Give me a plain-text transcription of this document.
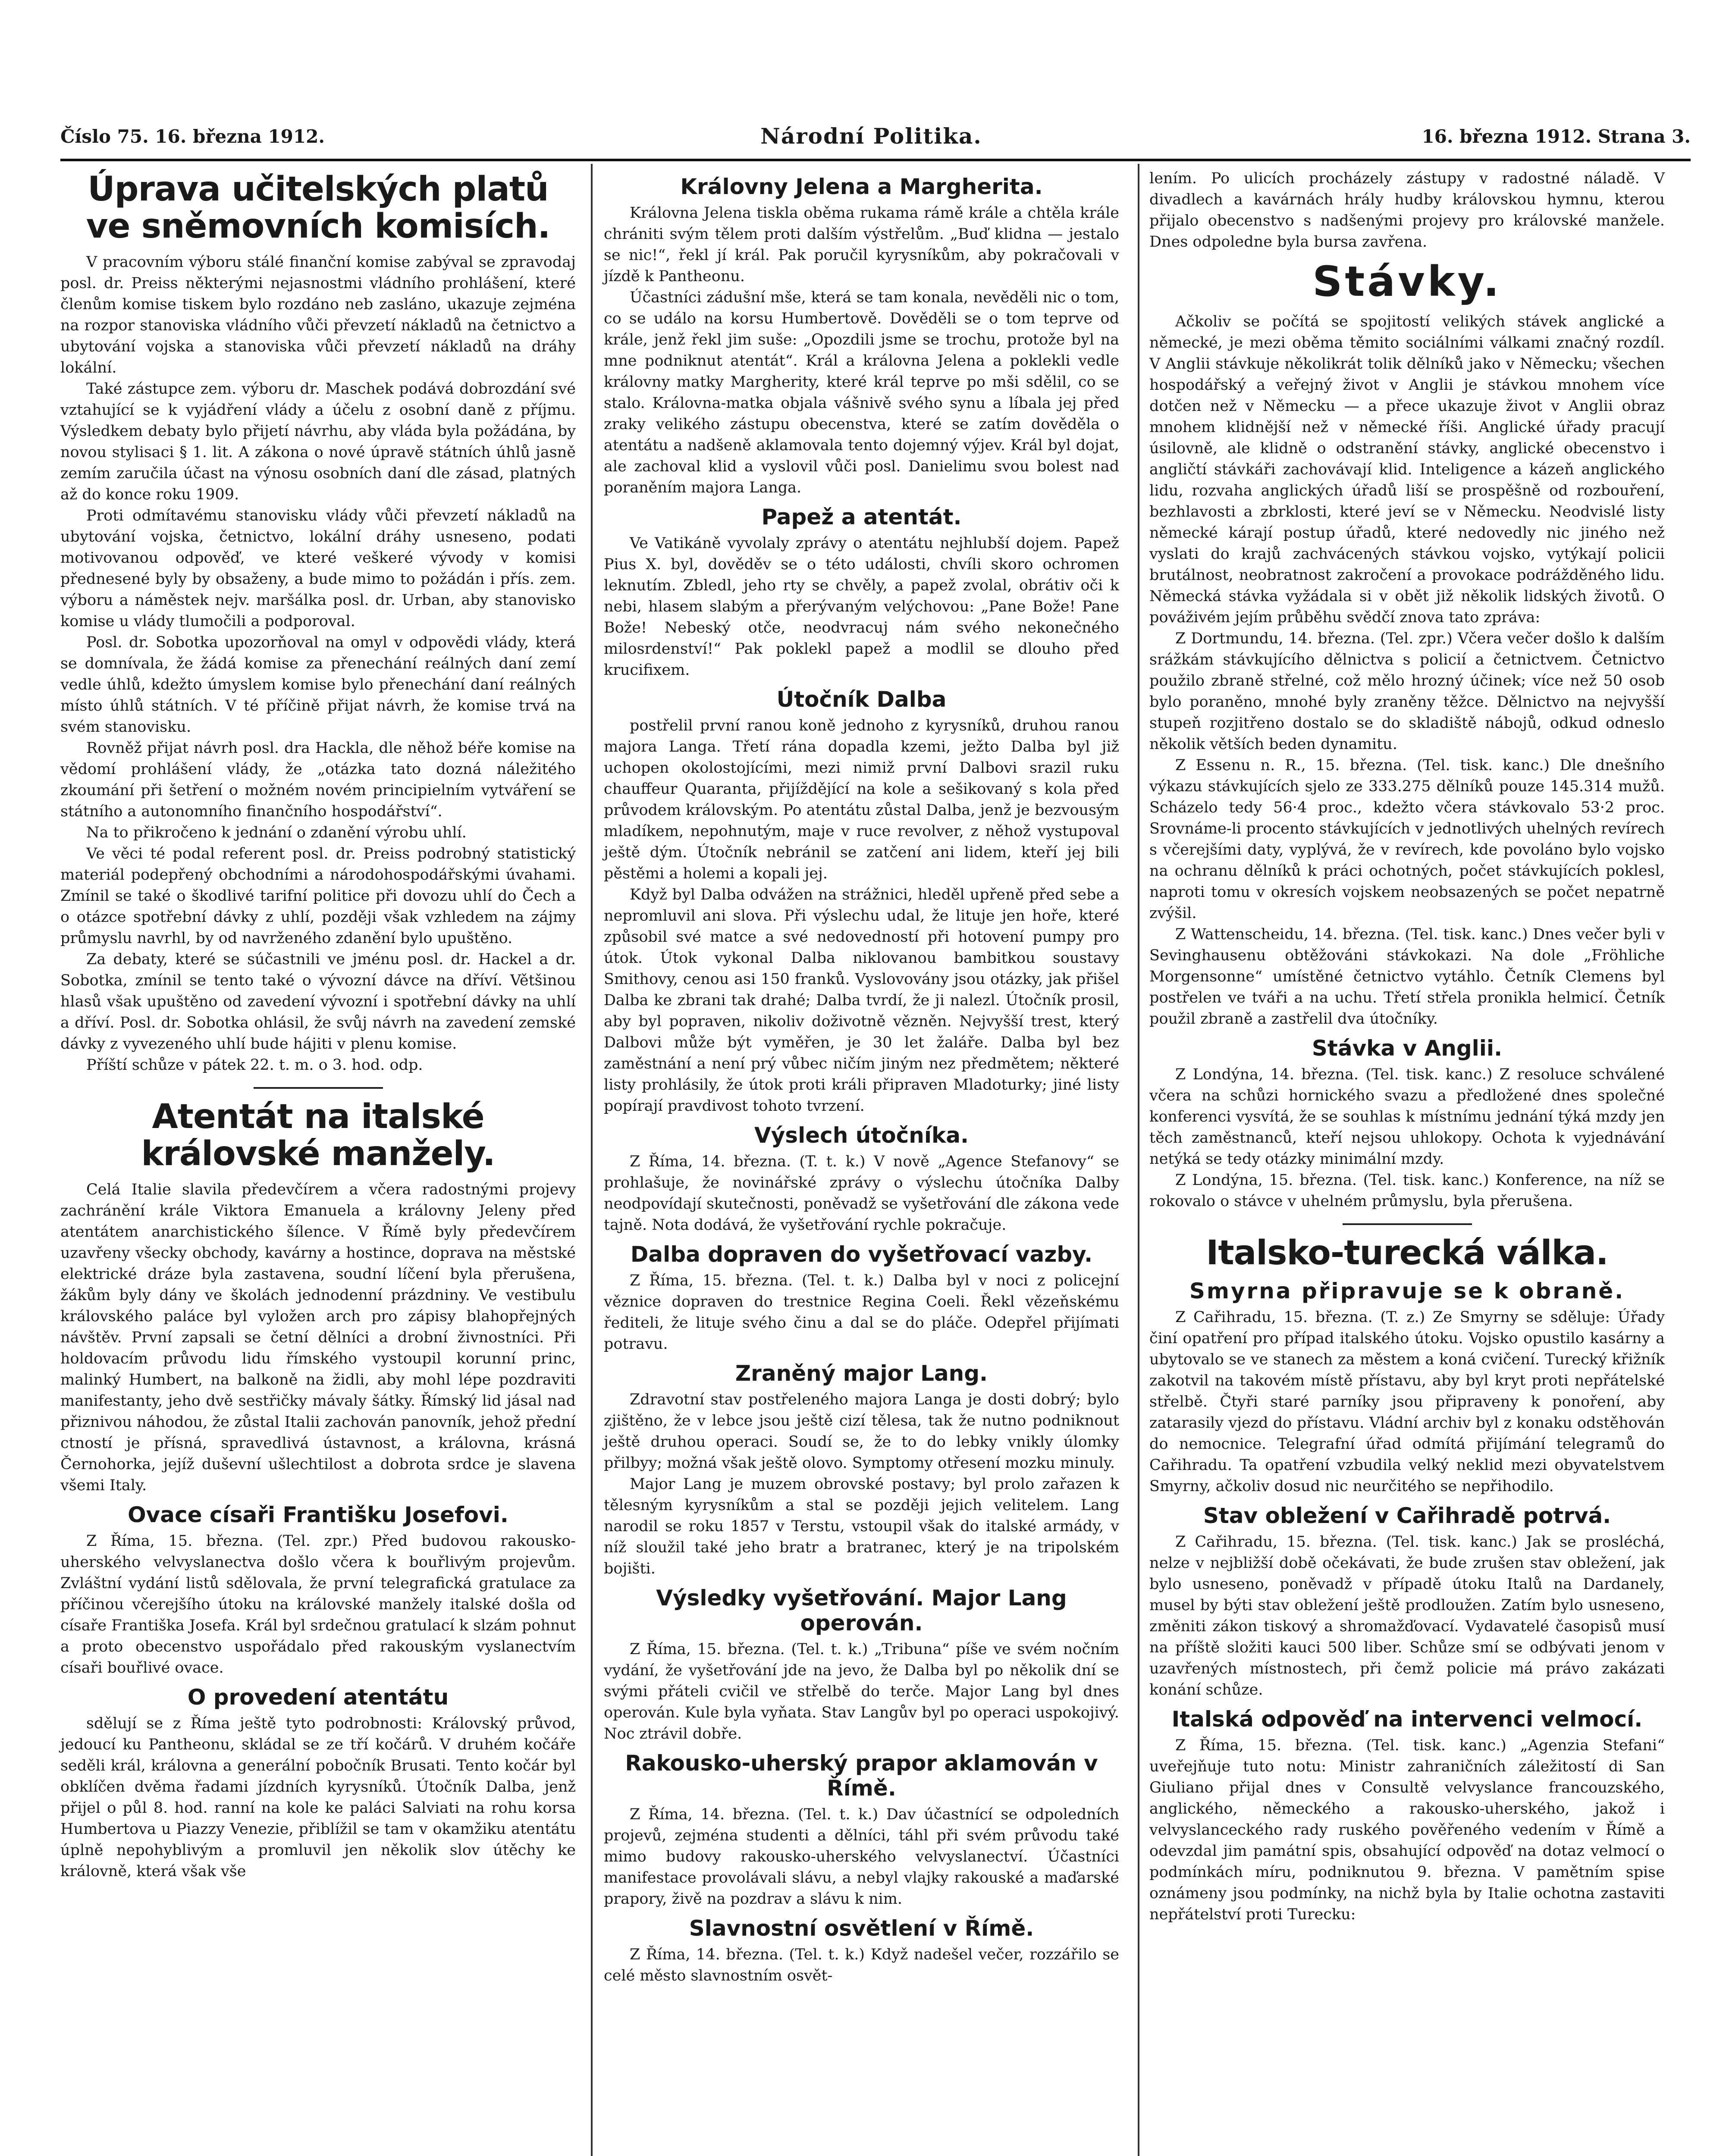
Číslo 75. 16. března 1912.	Národní Politika.	16. března 1912. Strana 3.
Úprava učitelských platů ve sněmovních komisích.

V pracovním výboru stálé finanční komise zabýval se zpravodaj posl. dr. Preiss některými nejasnostmi vládního prohlášení, které členům komise tiskem bylo rozdáno neb zasláno, ukazuje zejména na rozpor stanoviska vládního vůči převzetí nákladů na četnictvo a ubytování vojska a stanoviska vůči převzetí nákladů na dráhy lokální.

Také zástupce zem. výboru dr. Maschek podává dobrozdání své vztahující se k vyjádření vlády a účelu z osobní daně z příjmu. Výsledkem debaty bylo přijetí návrhu, aby vláda byla požádána, by novou stylisaci § 1. lit. A zákona o nové úpravě státních úhlů jasně zemím zaručila účast na výnosu osobních daní dle zásad, platných až do konce roku 1909.

Proti odmítavému stanovisku vlády vůči převzetí nákladů na ubytování vojska, četnictvo, lokální dráhy usneseno, podati motivovanou odpověď, ve které veškeré vývody v komisi přednesené byly by obsaženy, a bude mimo to požádán i přís. zem. výboru a náměstek nejv. maršálka posl. dr. Urban, aby stanovisko komise u vlády tlumočili a podporoval.

Posl. dr. Sobotka upozorňoval na omyl v odpovědi vlády, která se domnívala, že žádá komise za přenechání reálných daní zemí vedle úhlů, kdežto úmyslem komise bylo přenechání daní reálných místo úhlů státních. V té příčině přijat návrh, že komise trvá na svém stanovisku.

Rovněž přijat návrh posl. dra Hackla, dle něhož béře komise na vědomí prohlášení vlády, že „otázka tato dozná náležitého zkoumání při šetření o možném novém principielním vytváření se státního a autonomního finančního hospodářství“.

Na to přikročeno k jednání o zdanění výrobu uhlí.

Ve věci té podal referent posl. dr. Preiss podrobný statistický materiál podepřený obchodními a národohospodářskými úvahami. Zmínil se také o škodlivé tarifní politice při dovozu uhlí do Čech a o otázce spotřební dávky z uhlí, později však vzhledem na zájmy průmyslu navrhl, by od navrženého zdanění bylo upuštěno.

Za debaty, které se súčastnili ve jménu posl. dr. Hackel a dr. Sobotka, zmínil se tento také o vývozní dávce na dříví. Většinou hlasů však upuštěno od zavedení vývozní i spotřební dávky na uhlí a dříví. Posl. dr. Sobotka ohlásil, že svůj návrh na zavedení zemské dávky z vyvezeného uhlí bude hájiti v plenu komise.

Příští schůze v pátek 22. t. m. o 3. hod. odp.

Atentát na italské královské manžely.

Celá Italie slavila předevčírem a včera radostnými projevy zachránění krále Viktora Emanuela a královny Jeleny před atentátem anarchistického šílence. V Římě byly předevčírem uzavřeny všecky obchody, kavárny a hostince, doprava na městské elektrické dráze byla zastavena, soudní líčení byla přerušena, žákům byly dány ve školách jednodenní prázdniny. Ve vestibulu královského paláce byl vyložen arch pro zápisy blahopřejných návštěv. První zapsali se četní dělníci a drobní živnostníci. Při holdovacím průvodu lidu římského vystoupil korunní princ, malinký Humbert, na balkoně na židli, aby mohl lépe pozdraviti manifestanty, jeho dvě sestřičky mávaly šátky. Římský lid jásal nad přiznivou náhodou, že zůstal Italii zachován panovník, jehož přední ctností je přísná, spravedlivá ústavnost, a královna, krásná Černohorka, jejíž duševní ušlechtilost a dobrota srdce je slavena všemi Italy.

Ovace císaři Františku Josefovi.

Z Říma, 15. března. (Tel. zpr.) Před budovou rakousko-uherského velvyslanectva došlo včera k bouřlivým projevům. Zvláštní vydání listů sdělovala, že první telegrafická gratulace za příčinou včerejšího útoku na královské manžely italské došla od císaře Františka Josefa. Král byl srdečnou gratulací k slzám pohnut a proto obecenstvo uspořádalo před rakouským vyslanectvím císaři bouřlivé ovace.

O provedení atentátu

sdělují se z Říma ještě tyto podrobnosti: Královský průvod, jedoucí ku Pantheonu, skládal se ze tří kočárů. V druhém kočáře seděli král, královna a generální pobočník Brusati. Tento kočár byl obklíčen dvěma řadami jízdních kyrysníků. Útočník Dalba, jenž přijel o půl 8. hod. ranní na kole ke paláci Salviati na rohu korsa Humbertova u Piazzy Venezie, přiblížil se tam v okamžiku atentátu úplně nepohyblivým a promluvil jen několik slov útěchy ke královně, která však vše

Královny Jelena a Margherita.

Královna Jelena tiskla oběma rukama rámě krále a chtěla krále chrániti svým tělem proti dalším výstřelům. „Buď klidna — jestalo se nic!“, řekl jí král. Pak poručil kyrysníkům, aby pokračovali v jízdě k Pantheonu.

Účastníci zádušní mše, která se tam konala, nevěděli nic o tom, co se událo na korsu Humbertově. Dověděli se o tom teprve od krále, jenž řekl jim suše: „Opozdili jsme se trochu, protože byl na mne podniknut atentát“. Král a královna Jelena a poklekli vedle královny matky Margherity, které král teprve po mši sdělil, co se stalo. Královna-matka objala vášnivě svého synu a líbala jej před zraky velikého zástupu obecenstva, které se zatím dověděla o atentátu a nadšeně aklamovala tento dojemný výjev. Král byl dojat, ale zachoval klid a vyslovil vůči posl. Danielimu svou bolest nad poraněním majora Langa.

Papež a atentát.

Ve Vatikáně vyvolaly zprávy o atentátu nejhlubší dojem. Papež Pius X. byl, dověděv se o této události, chvíli skoro ochromen leknutím. Zbledl, jeho rty se chvěly, a papež zvolal, obrátiv oči k nebi, hlasem slabým a přerývaným velýchovou: „Pane Bože! Pane Bože! Nebeský otče, neodvracuj nám svého nekonečného milosrdenství!“ Pak poklekl papež a modlil se dlouho před krucifixem.

Útočník Dalba

postřelil první ranou koně jednoho z kyrysníků, druhou ranou majora Langa. Třetí rána dopadla kzemi, ježto Dalba byl již uchopen okolostojícími, mezi nimiž první Dalbovi srazil ruku chauffeur Quaranta, přijíždějící na kole a sešikovaný s kola před průvodem královským. Po atentátu zůstal Dalba, jenž je bezvousým mladíkem, nepohnutým, maje v ruce revolver, z něhož vystupoval ještě dým. Útočník nebránil se zatčení ani lidem, kteří jej bili pěstěmi a holemi a kopali jej.

Když byl Dalba odvážen na strážnici, hleděl upřeně před sebe a nepromluvil ani slova. Při výslechu udal, že lituje jen hoře, které způsobil své matce a své nedovedností při hotovení pumpy pro útok. Útok vykonal Dalba niklovanou bambitkou soustavy Smithovy, cenou asi 150 franků. Vyslovovány jsou otázky, jak přišel Dalba ke zbrani tak drahé; Dalba tvrdí, že ji nalezl. Útočník prosil, aby byl popraven, nikoliv doživotně vězněn. Nejvyšší trest, který Dalbovi může být vyměřen, je 30 let žaláře. Dalba byl bez zaměstnání a není prý vůbec ničím jiným nez předmětem; některé listy prohlásily, že útok proti králi připraven Mladoturky; jiné listy popírají pravdivost tohoto tvrzení.

Výslech útočníka.

Z Říma, 14. března. (T. t. k.) V nově „Agence Stefanovy“ se prohlašuje, že novinářské zprávy o výslechu útočníka Dalby neodpovídají skutečnosti, poněvadž se vyšetřování dle zákona vede tajně. Nota dodává, že vyšetřování rychle pokračuje.

Dalba dopraven do vyšetřovací vazby.

Z Říma, 15. března. (Tel. t. k.) Dalba byl v noci z policejní věznice dopraven do trestnice Regina Coeli. Řekl vězeňskému řediteli, že lituje svého činu a dal se do pláče. Odepřel přijímati potravu.

Zraněný major Lang.

Zdravotní stav postřeleného majora Langa je dosti dobrý; bylo zjištěno, že v lebce jsou ještě cizí tělesa, tak že nutno podniknout ještě druhou operaci. Soudí se, že to do lebky vnikly úlomky přilbyy; možná však ještě olovo. Symptomy otřesení mozku minuly.

Major Lang je muzem obrovské postavy; byl prolo zařazen k tělesným kyrysníkům a stal se později jejich velitelem. Lang narodil se roku 1857 v Terstu, vstoupil však do italské armády, v níž sloužil také jeho bratr a bratranec, který je na tripolském bojišti.

Výsledky vyšetřování. Major Lang operován.

Z Říma, 15. března. (Tel. t. k.) „Tribuna“ píše ve svém nočním vydání, že vyšetřování jde na jevo, že Dalba byl po několik dní se svými přáteli cvičil ve střelbě do terče. Major Lang byl dnes operován. Kule byla vyňata. Stav Langův byl po operaci uspokojivý. Noc ztrávil dobře.

Rakousko-uherský prapor aklamován v Římě.

Z Říma, 14. března. (Tel. t. k.) Dav účastnící se odpoledních projevů, zejména studenti a dělníci, táhl při svém průvodu také mimo budovy rakousko-uherského velvyslanectví. Účastníci manifestace provolávali slávu, a nebyl vlajky rakouské a maďarské prapory, živě na pozdrav a slávu k nim.

Slavnostní osvětlení v Římě.

Z Říma, 14. března. (Tel. t. k.) Když nadešel večer, rozzářilo se celé město slavnostním osvět-

lením. Po ulicích procházely zástupy v radostné náladě. V divadlech a kavárnách hrály hudby královskou hymnu, kterou přijalo obecenstvo s nadšenými projevy pro královské manžele. Dnes odpoledne byla bursa zavřena.

Stávky.

Ačkoliv se počítá se spojitostí velikých stávek anglické a německé, je mezi oběma těmito sociálními válkami značný rozdíl. V Anglii stávkuje několikrát tolik dělníků jako v Německu; všechen hospodářský a veřejný život v Anglii je stávkou mnohem více dotčen než v Německu — a přece ukazuje život v Anglii obraz mnohem klidnější než v německé říši. Anglické úřady pracují úsilovně, ale klidně o odstranění stávky, anglické obecenstvo i angličtí stávkáři zachovávají klid. Inteligence a kázeň anglického lidu, rozvaha anglických úřadů liší se prospěšně od rozbouření, bezhlavosti a zbrklosti, které jeví se v Německu. Neodvislé listy německé kárají postup úřadů, které nedovedly nic jiného než vyslati do krajů zachvácených stávkou vojsko, vytýkají policii brutálnost, neobratnost zakročení a provokace podrážděného lidu. Německá stávka vyžádala si v obět již několik lidských životů. O pováživém jejím průběhu svědčí znova tato zpráva:

Z Dortmundu, 14. března. (Tel. zpr.) Včera večer došlo k dalším srážkám stávkujícího dělnictva s policií a četnictvem. Četnictvo použilo zbraně střelné, což mělo hrozný účinek; více než 50 osob bylo poraněno, mnohé byly zraněny těžce. Dělnictvo na nejvyšší stupeň rozjitřeno dostalo se do skladiště nábojů, odkud odneslo několik větších beden dynamitu.

Z Essenu n. R., 15. března. (Tel. tisk. kanc.) Dle dnešního výkazu stávkujících sjelo ze 333.275 dělníků pouze 145.314 mužů. Scházelo tedy 56·4 proc., kdežto včera stávkovalo 53·2 proc. Srovnáme-li procento stávkujících v jednotlivých uhelných revírech s včerejšími daty, vyplývá, že v revírech, kde povoláno bylo vojsko na ochranu dělníků k práci ochotných, počet stávkujících poklesl, naproti tomu v okresích vojskem neobsazených se počet nepatrně zvýšil.

Z Wattenscheidu, 14. března. (Tel. tisk. kanc.) Dnes večer byli v Sevinghausenu obtěžováni stávkokazi. Na dole „Fröhliche Morgensonne“ umístěné četnictvo vytáhlo. Četník Clemens byl postřelen ve tváři a na uchu. Třetí střela pronikla helmicí. Četník použil zbraně a zastřelil dva útočníky.

Stávka v Anglii.

Z Londýna, 14. března. (Tel. tisk. kanc.) Z resoluce schválené včera na schůzi hornického svazu a předložené dnes společné konferenci vysvítá, že se souhlas k místnímu jednání týká mzdy jen těch zaměstnanců, kteří nejsou uhlokopy. Ochota k vyjednávání netýká se tedy otázky minimální mzdy.

Z Londýna, 15. března. (Tel. tisk. kanc.) Konference, na níž se rokovalo o stávce v uhelném průmyslu, byla přerušena.

Italsko-turecká válka.
Smyrna připravuje se k obraně.

Z Cařihradu, 15. března. (T. z.) Ze Smyrny se sděluje: Úřady činí opatření pro případ italského útoku. Vojsko opustilo kasárny a ubytovalo se ve stanech za městem a koná cvičení. Turecký křižník zakotvil na takovém místě přístavu, aby byl kryt proti nepřátelské střelbě. Čtyři staré parníky jsou připraveny k ponoření, aby zatarasily vjezd do přístavu. Vládní archiv byl z konaku odstěhován do nemocnice. Telegrafní úřad odmítá přijímání telegramů do Cařihradu. Ta opatření vzbudila velký neklid mezi obyvatelstvem Smyrny, ačkoliv dosud nic neurčitého se nepřihodilo.

Stav obležení v Cařihradě potrvá.

Z Cařihradu, 15. března. (Tel. tisk. kanc.) Jak se prosléchá, nelze v nejbližší době očekávati, že bude zrušen stav obležení, jak bylo usneseno, poněvadž v případě útoku Italů na Dardanely, musel by býti stav obležení ještě prodloužen. Zatím bylo usneseno, změniti zákon tiskový a shromažďovací. Vydavatelé časopisů musí na příště složiti kauci 500 liber. Schůze smí se odbývati jenom v uzavřených místnostech, při čemž policie má právo zakázati konání schůze.

Italská odpověď na intervenci velmocí.

Z Říma, 15. března. (Tel. tisk. kanc.) „Agenzia Stefani“ uveřejňuje tuto notu: Ministr zahraničních záležitostí di San Giuliano přijal dnes v Consultě velvyslance francouzského, anglického, německého a rakousko-uherského, jakož i velvyslanceckého rady ruského pověřeného vedením v Římě a odevzdal jim památní spis, obsahující odpověď na dotaz velmocí o podmínkách míru, podniknutou 9. března. V pamětním spise oznámeny jsou podmínky, na nichž byla by Italie ochotna zastaviti nepřátelství proti Turecku:
